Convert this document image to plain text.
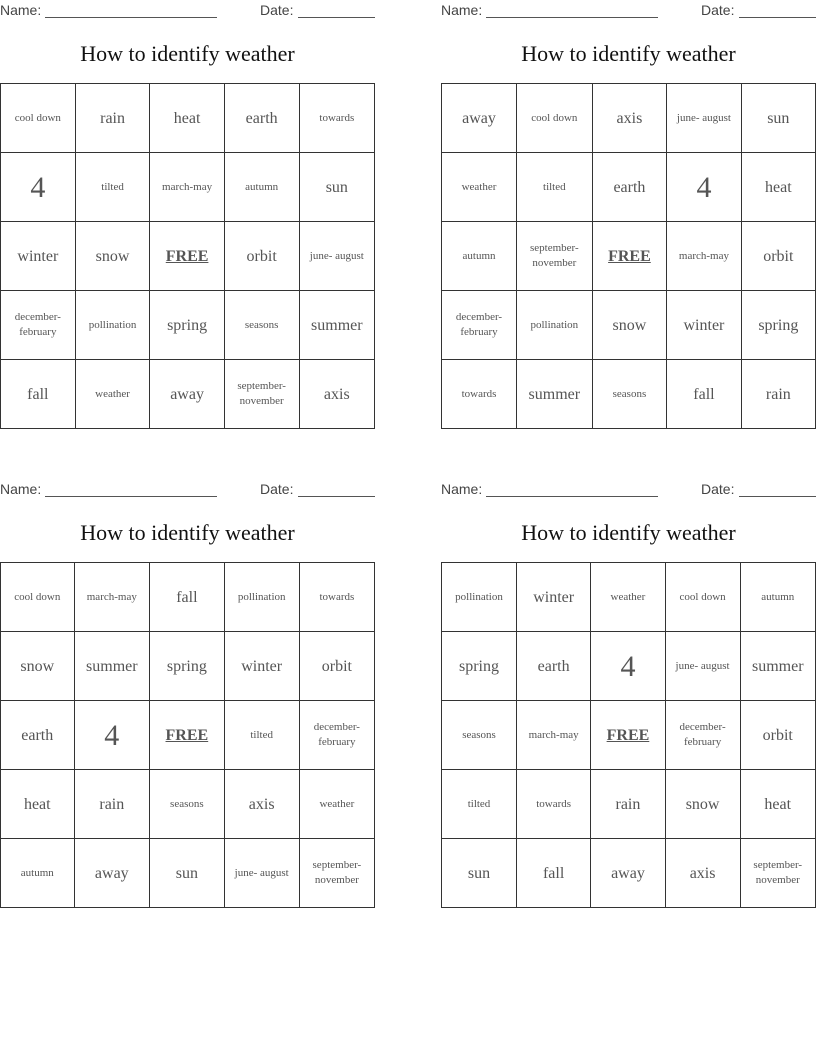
Name:	Date:
How to identify weather
cool down	rain	heat	earth	towards
4	tilted	march-may	autumn	sun
winter	snow	FREE	orbit	june- august
december-february	pollination	spring	seasons	summer
fall	weather	away	september-november	axis
Name:	Date:
How to identify weather
away	cool down	axis	june- august	sun
weather	tilted	earth	4	heat
autumn	september-november	FREE	march-may	orbit
december-february	pollination	snow	winter	spring
towards	summer	seasons	fall	rain
Name:	Date:
How to identify weather
cool down	march-may	fall	pollination	towards
snow	summer	spring	winter	orbit
earth	4	FREE	tilted	december-february
heat	rain	seasons	axis	weather
autumn	away	sun	june- august	september-november
Name:	Date:
How to identify weather
pollination	winter	weather	cool down	autumn
spring	earth	4	june- august	summer
seasons	march-may	FREE	december-february	orbit
tilted	towards	rain	snow	heat
sun	fall	away	axis	september-november
